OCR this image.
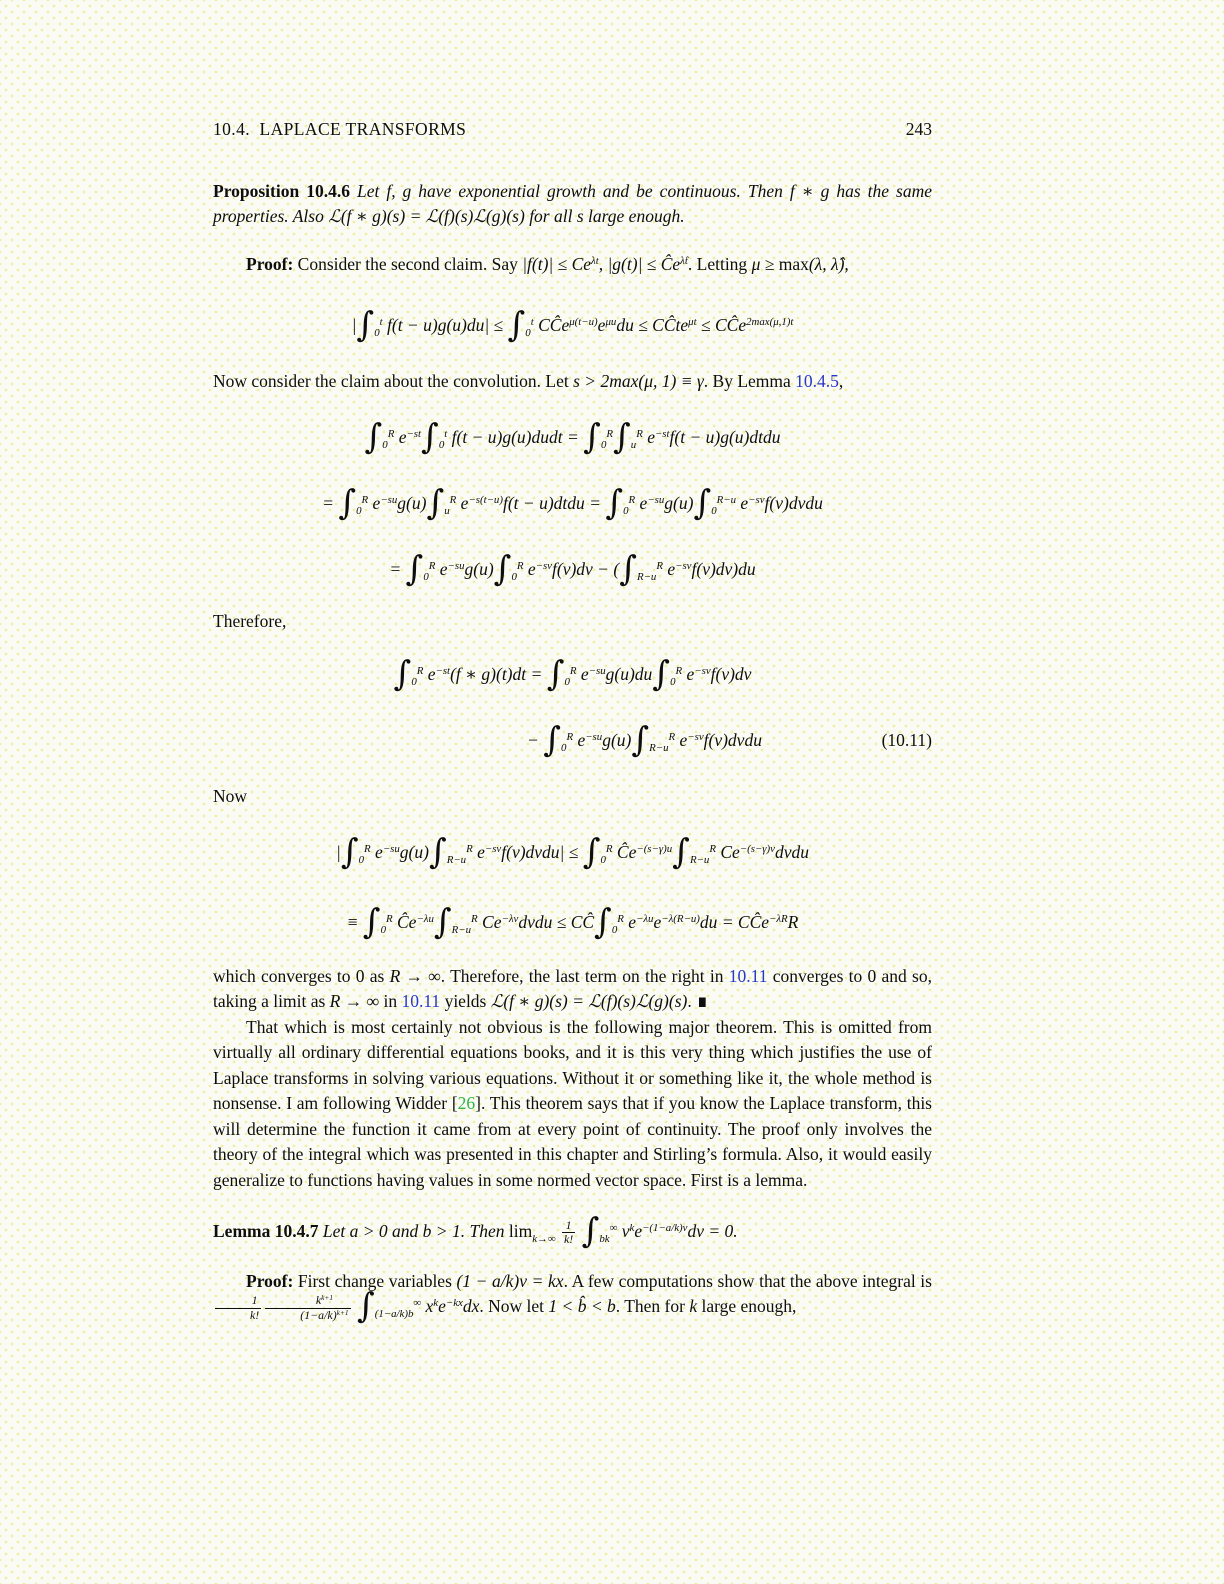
10.4.  LAPLACE TRANSFORMS	243

Proposition 10.4.6 Let f, g have exponential growth and be continuous. Then f ∗ g has the same properties. Also ℒ(f ∗ g)(s) = ℒ(f)(s)ℒ(g)(s) for all s large enough.

Proof: Consider the second claim. Say $|f(t)| \le Ce^{\lambda t}$, $|g(t)| \le Ĉe^{\lambdât}$. Letting μ ≥ max(λ, λ̂),

$|\int_0^t$ $f(t - u)g(u)du| \le \int_0^t$ $CĈe^{\mu(t-u)}e^{\mu u}du$ ≤ CĈte$^{\mu t}$ ≤ CĈe$^{2max(\mu,1)t}$

Now consider the claim about the convolution. Let s > 2max(μ, 1) ≡ γ. By Lemma 10.4.5,

$\int_0^R$ $e^{-st}\int_0^t$ f(t − u)g(u)dudt = $\int_0^R\int_u^R$ $e^{-st}f(t$ − u)g(u)dtdu
= $\int_0^R$ $e^{-su}g(u)\int_u^R$ $e^{-s(t-u)}f(t$ − u)dtdu = $\int_0^R$ $e^{-su}g(u)\int_0^{R-u}$ $e^{-sv}f(v)dvdu$
= $\int_0^R$ $e^{-su}g(u)\int_0^R$ $e^{-sv}f(v)dv - (\int_{R-u}^R$ $e^{-sv}f(v)dv)du$

Therefore,

$\int_0^R$ $e^{-st}(f$ ∗ $g)(t)dt = \int_0^R$ $e^{-su}g(u)du\int_0^R$ $e^{-sv}f(v)dv$
− $\int_0^R$ $e^{-su}g(u)\int_{R-u}^R$ $e^{-sv}f(v)dvdu$	(10.11)

Now

$|\int_0^R$ $e^{-su}g(u)\int_{R-u}^R$ $e^{-sv}f(v)dvdu| \le \int_0^R$ $Ĉe^{-(s-\gamma)u}\int_{R-u}^R$ $Ce^{-(s-\gamma)v}dvdu$
≡ $\int_0^R$ $Ĉe^{-\lambda u}\int_{R-u}^R$ $Ce^{-\lambda v}dvdu$ ≤ $CĈ\int_0^R$ $e^{-\lambda u}e^{-\lambda(R-u)}du$ = CĈe$^{-\lambda R}$R

which converges to 0 as R → ∞. Therefore, the last term on the right in 10.11 converges to 0 and so, taking a limit as R → ∞ in 10.11 yields ℒ(f ∗ g)(s) = ℒ(f)(s)ℒ(g)(s). ∎

That which is most certainly not obvious is the following major theorem. This is omitted from virtually all ordinary differential equations books, and it is this very thing which justifies the use of Laplace transforms in solving various equations. Without it or something like it, the whole method is nonsense. I am following Widder [26]. This theorem says that if you know the Laplace transform, this will determine the function it came from at every point of continuity. The proof only involves the theory of the integral which was presented in this chapter and Stirling’s formula. Also, it would easily generalize to functions having values in some normed vector space. First is a lemma.

Lemma 10.4.7 Let a > 0 and b > 1. Then $\lim_{k\to\infty} \frac{1}{k!} \int_{bk}^\infty$ $v^ke^{-(1-a/k)v}dv = 0$.

Proof: First change variables (1 − a/k)v = kx. A few computations show that the above integral is
$\frac{1}{k!} \frac{k^{k+1}}{(1-a/k)^{k+1}} \int_{(1-a/k)b}^\infty$ $x^ke^{-kx}dx$. Now let 1 < b̂ < b. Then for k large enough,
